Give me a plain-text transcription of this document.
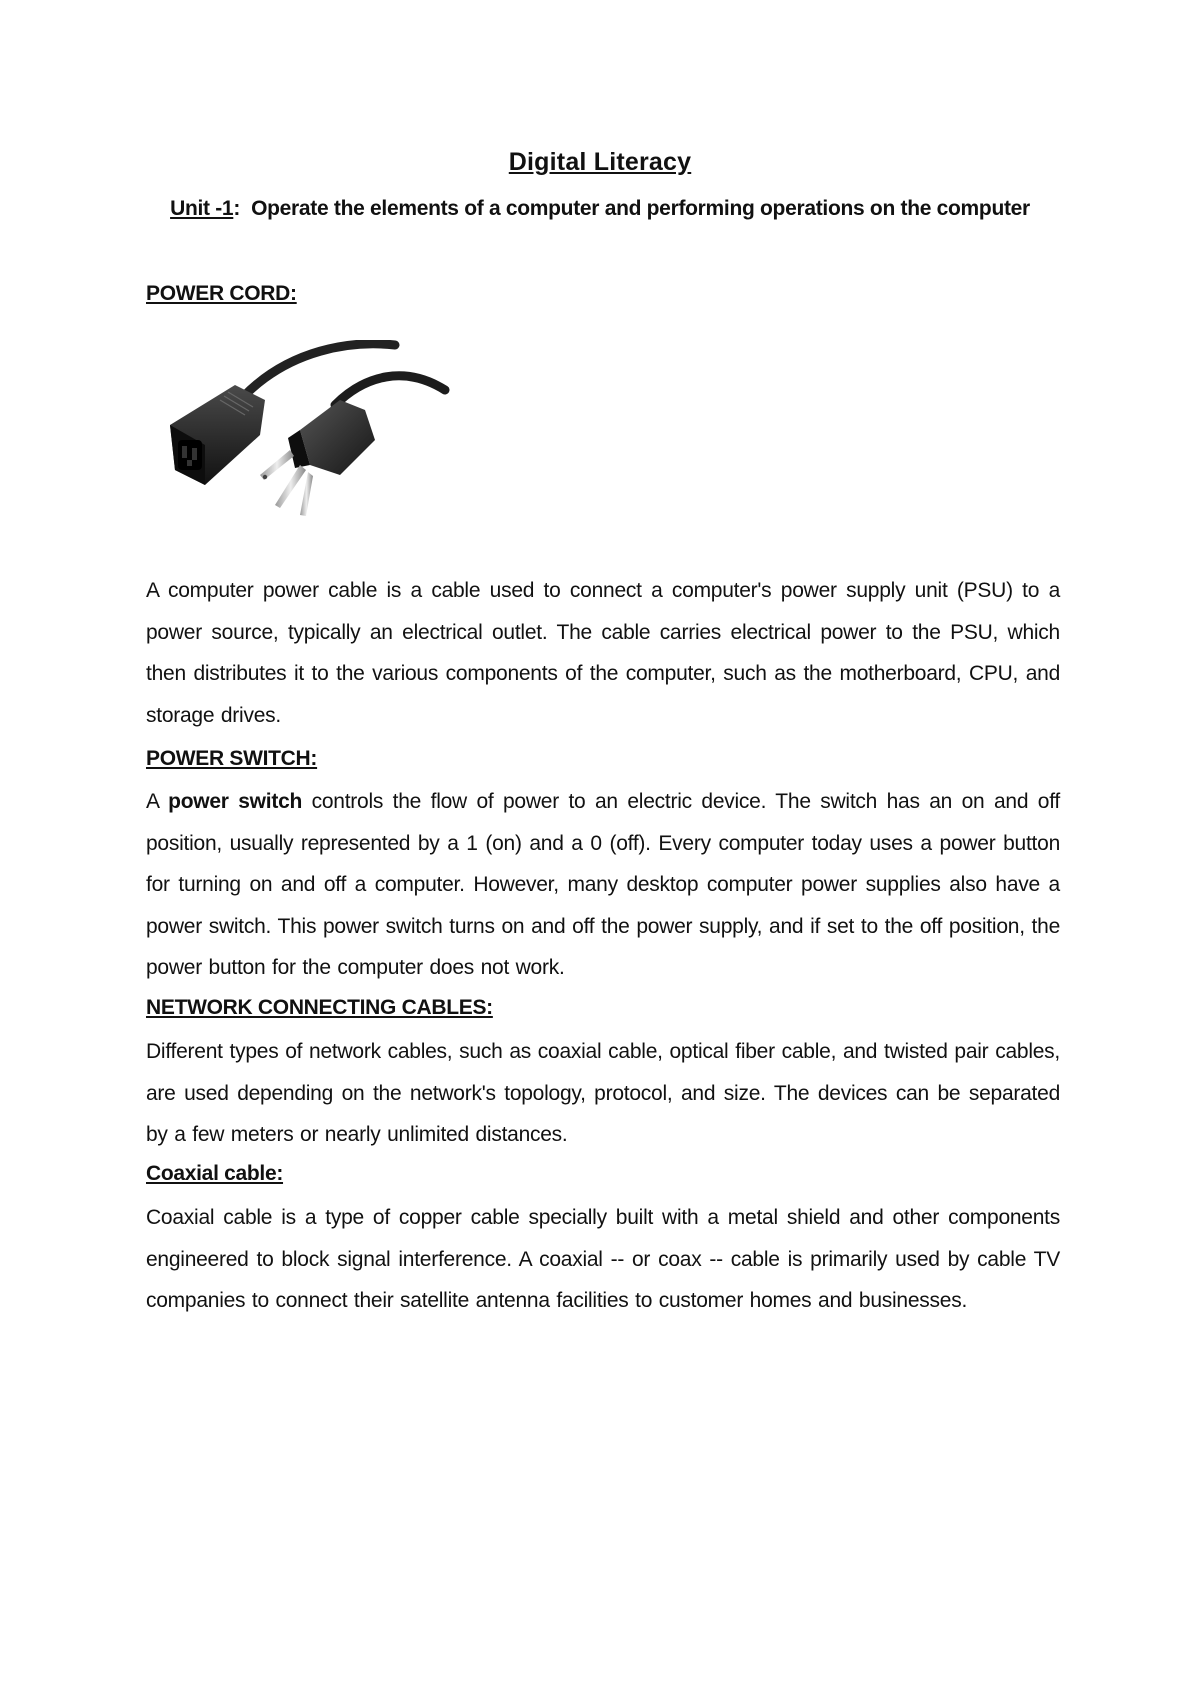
Digital Literacy
Unit -1: Operate the elements of a computer and performing operations on the computer
POWER CORD:
A computer power cable is a cable used to connect a computer's power supply unit (PSU) to a power source, typically an electrical outlet. The cable carries electrical power to the PSU, which then distributes it to the various components of the computer, such as the motherboard, CPU, and storage drives.
POWER SWITCH:
A power switch controls the flow of power to an electric device. The switch has an on and off position, usually represented by a 1 (on) and a 0 (off). Every computer today uses a power button for turning on and off a computer. However, many desktop computer power supplies also have a power switch. This power switch turns on and off the power supply, and if set to the off position, the power button for the computer does not work.
NETWORK CONNECTING CABLES:
Different types of network cables, such as coaxial cable, optical fiber cable, and twisted pair cables, are used depending on the network's topology, protocol, and size. The devices can be separated by a few meters or nearly unlimited distances.
Coaxial cable:
Coaxial cable is a type of copper cable specially built with a metal shield and other components engineered to block signal interference. A coaxial -- or coax -- cable is primarily used by cable TV companies to connect their satellite antenna facilities to customer homes and businesses.
